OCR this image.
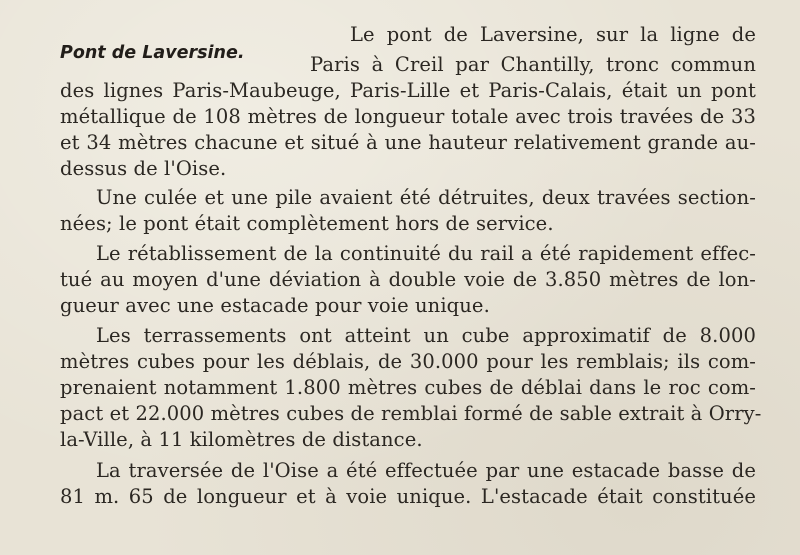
Pont de Laversine.
Le pont de Laversine, sur la ligne de
Paris à Creil par Chantilly, tronc commun
des lignes Paris-Maubeuge, Paris-Lille et Paris-Calais, était un pont
métallique de 108 mètres de longueur totale avec trois travées de 33
et 34 mètres chacune et situé à une hauteur relativement grande au-
dessus de l'Oise.
Une culée et une pile avaient été détruites, deux travées section-
nées; le pont était complètement hors de service.
Le rétablissement de la continuité du rail a été rapidement effec-
tué au moyen d'une déviation à double voie de 3.850 mètres de lon-
gueur avec une estacade pour voie unique.
Les terrassements ont atteint un cube approximatif de 8.000
mètres cubes pour les déblais, de 30.000 pour les remblais; ils com-
prenaient notamment 1.800 mètres cubes de déblai dans le roc com-
pact et 22.000 mètres cubes de remblai formé de sable extrait à Orry-
la-Ville, à 11 kilomètres de distance.
La traversée de l'Oise a été effectuée par une estacade basse de
81 m. 65 de longueur et à voie unique. L'estacade était constituée
